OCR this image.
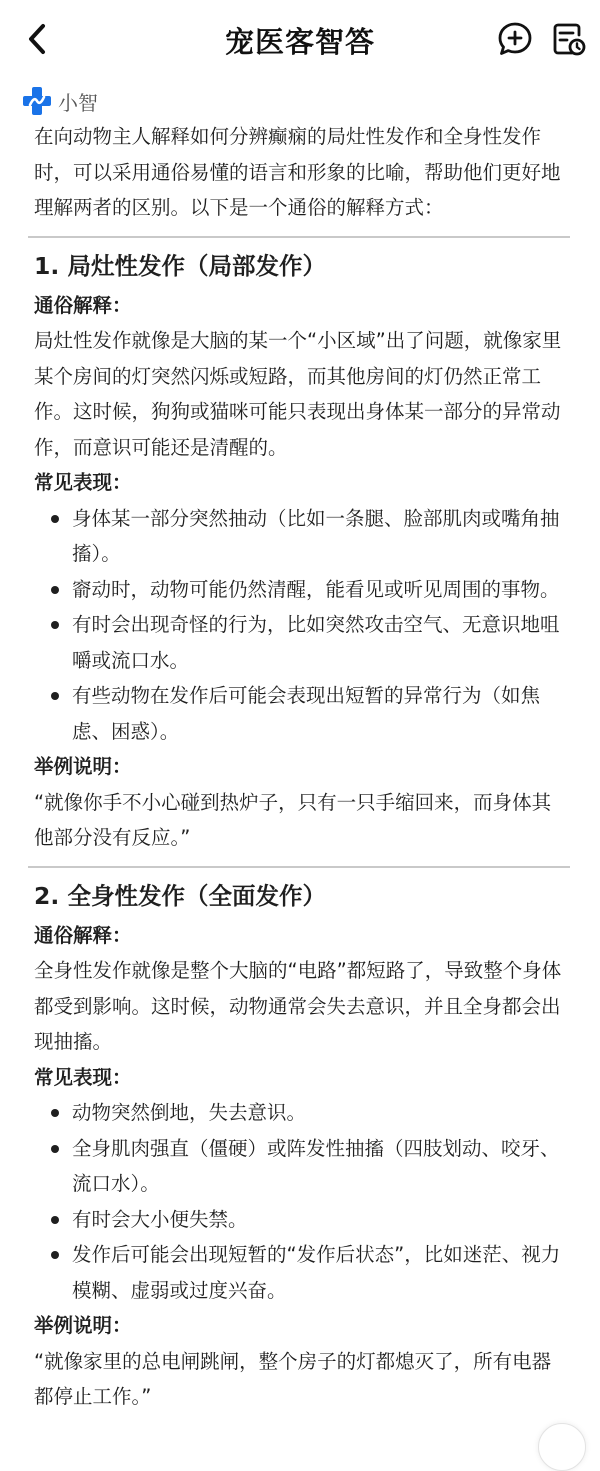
宠医客智答
小智

在向动物主人解释如何分辨癫痫的局灶性发作和全身性发作时，可以采用通俗易懂的语言和形象的比喻，帮助他们更好地理解两者的区别。以下是一个通俗的解释方式：

1. 局灶性发作（局部发作）

通俗解释：

局灶性发作就像是大脑的某一个“小区域”出了问题，就像家里某个房间的灯突然闪烁或短路，而其他房间的灯仍然正常工作。这时候，狗狗或猫咪可能只表现出身体某一部分的异常动作，而意识可能还是清醒的。

常见表现：

身体某一部分突然抽动（比如一条腿、脸部肌肉或嘴角抽搐）。
窬动时，动物可能仍然清醒，能看见或听见周围的事物。
有时会出现奇怪的行为，比如突然攻击空气、无意识地咀嚼或流口水。
有些动物在发作后可能会表现出短暂的异常行为（如焦虑、困惑）。

举例说明：

“就像你手不小心碰到热炉子，只有一只手缩回来，而身体其他部分没有反应。”

2. 全身性发作（全面发作）

通俗解释：

全身性发作就像是整个大脑的“电路”都短路了，导致整个身体都受到影响。这时候，动物通常会失去意识，并且全身都会出现抽搐。

常见表现：

动物突然倒地，失去意识。
全身肌肉强直（僵硬）或阵发性抽搐（四肢划动、咬牙、流口水）。
有时会大小便失禁。
发作后可能会出现短暂的“发作后状态”，比如迷茫、视力模糊、虚弱或过度兴奋。

举例说明：

“就像家里的总电闸跳闸，整个房子的灯都熄灭了，所有电器都停止工作。”
